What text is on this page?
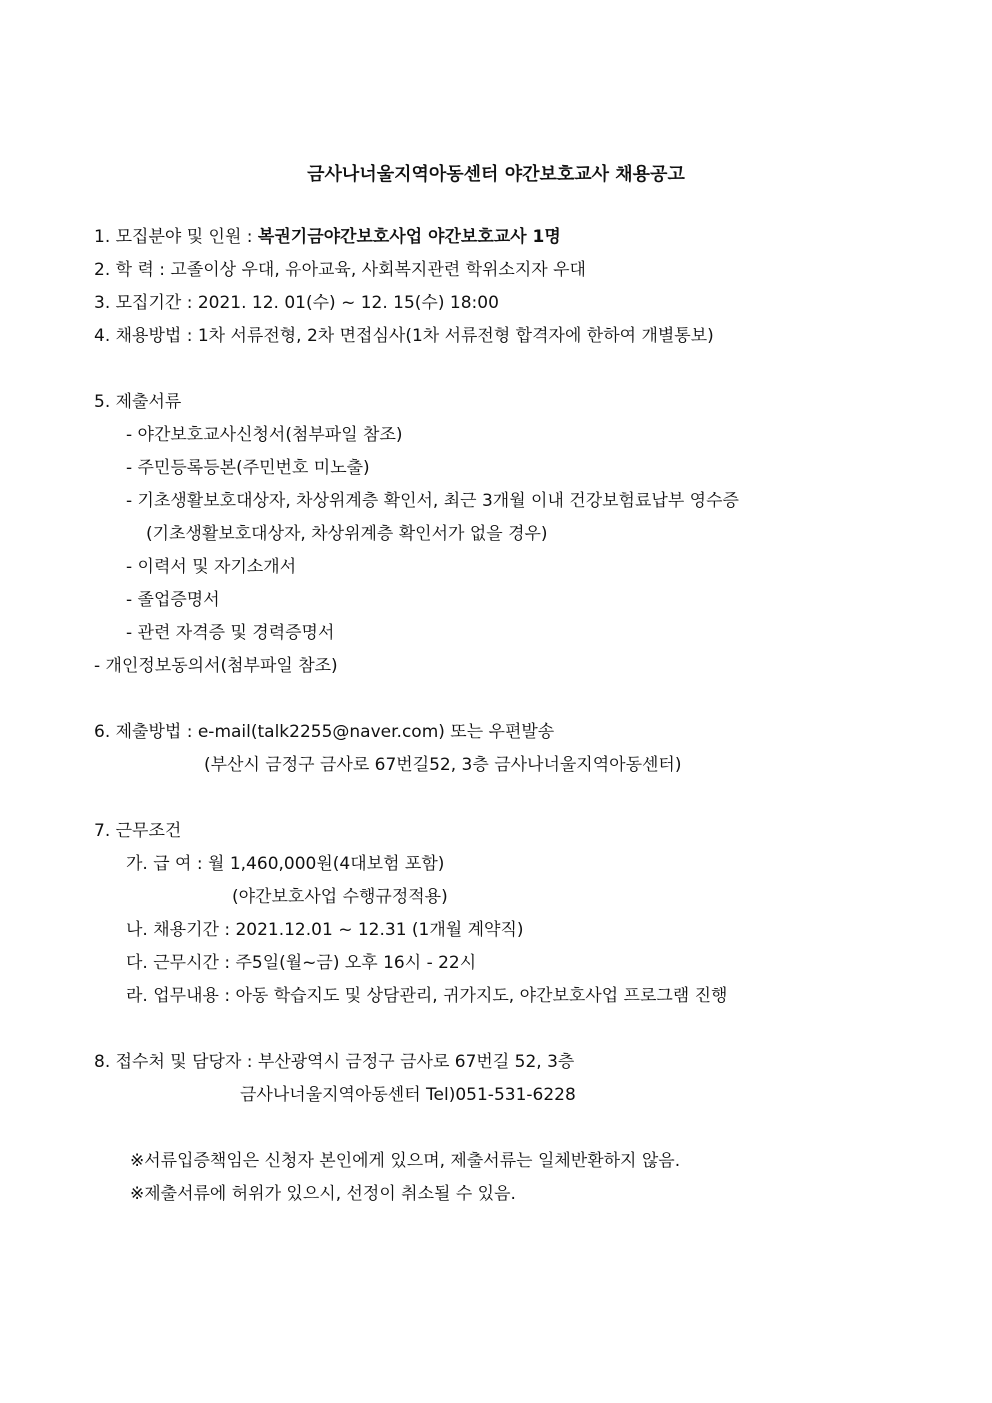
금사나너울지역아동센터 야간보호교사 채용공고
1. 모집분야 및 인원 : 복권기금야간보호사업 야간보호교사 1명
2. 학 력 : 고졸이상 우대, 유아교육, 사회복지관련 학위소지자 우대
3. 모집기간 : 2021. 12. 01(수) ~ 12. 15(수) 18:00
4. 채용방법 : 1차 서류전형, 2차 면접심사(1차 서류전형 합격자에 한하여 개별통보)
5. 제출서류
- 야간보호교사신청서(첨부파일 참조)
- 주민등록등본(주민번호 미노출)
- 기초생활보호대상자, 차상위계층 확인서, 최근 3개월 이내 건강보험료납부 영수증
(기초생활보호대상자, 차상위계층 확인서가 없을 경우)
- 이력서 및 자기소개서
- 졸업증명서
- 관련 자격증 및 경력증명서
- 개인정보동의서(첨부파일 참조)
6. 제출방법 : e-mail(talk2255@naver.com) 또는 우편발송
(부산시 금정구 금사로 67번길52, 3층 금사나너울지역아동센터)
7. 근무조건
가. 급 여 : 월 1,460,000원(4대보험 포함)
(야간보호사업 수행규정적용)
나. 채용기간 : 2021.12.01 ~ 12.31 (1개월 계약직)
다. 근무시간 : 주5일(월~금) 오후 16시 - 22시
라. 업무내용 : 아동 학습지도 및 상담관리, 귀가지도, 야간보호사업 프로그램 진행
8. 접수처 및 담당자 : 부산광역시 금정구 금사로 67번길 52, 3층
금사나너울지역아동센터 Tel)051-531-6228
※서류입증책임은 신청자 본인에게 있으며, 제출서류는 일체반환하지 않음.
※제출서류에 허위가 있으시, 선정이 취소될 수 있음.
